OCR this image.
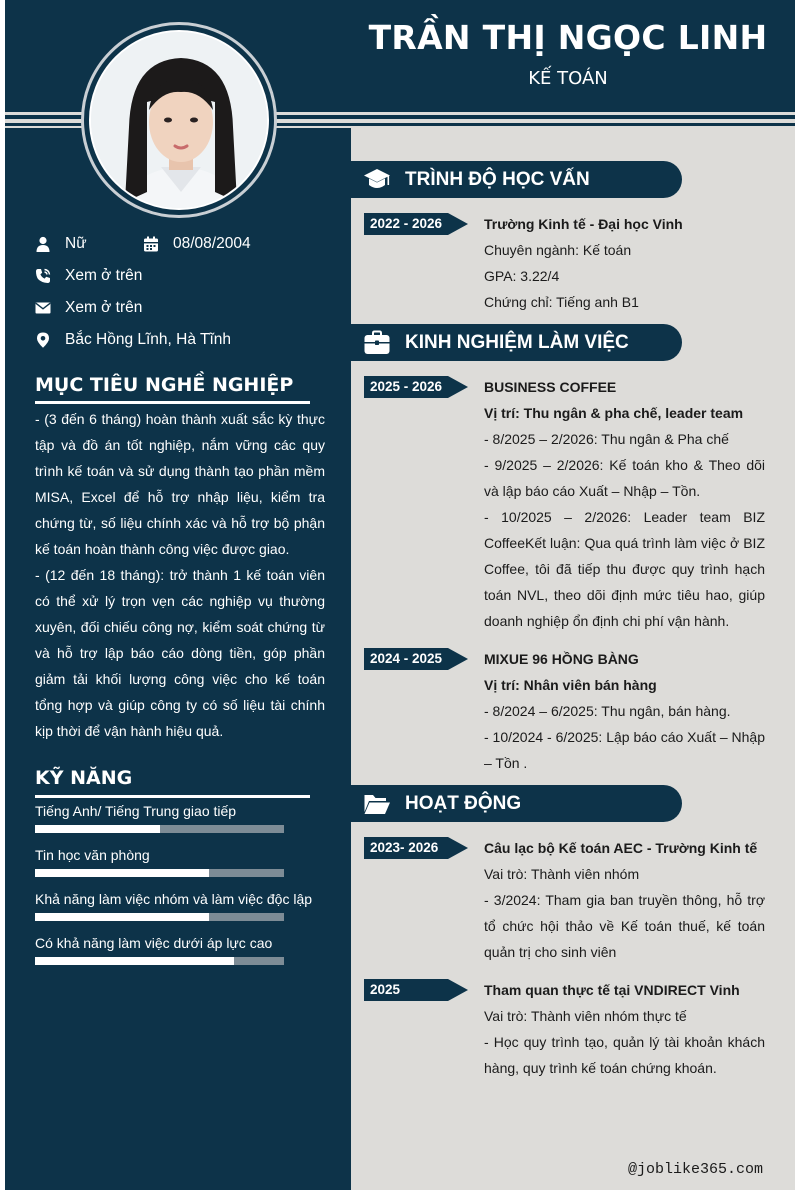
TRẦN THỊ NGỌC LINH
KẾ TOÁN
Nữ	08/08/2004
Xem ở trên
Xem ở trên
Bắc Hồng Lĩnh, Hà Tĩnh
MỤC TIÊU NGHỀ NGHIỆP

- (3 đến 6 tháng) hoàn thành xuất sắc kỳ thực tập và đồ án tốt nghiệp, nắm vững các quy trình kế toán và sử dụng thành tạo phần mềm MISA, Excel để hỗ trợ nhập liệu, kiểm tra chứng từ, số liệu chính xác và hỗ trợ bộ phận kế toán hoàn thành công việc được giao.

- (12 đến 18 tháng): trở thành 1 kế toán viên có thể xử lý trọn vẹn các nghiệp vụ thường xuyên, đối chiếu công nợ, kiểm soát chứng từ và hỗ trợ lập báo cáo dòng tiền, góp phần giảm tải khối lượng công việc cho kế toán tổng hợp và giúp công ty có số liệu tài chính kịp thời để vận hành hiệu quả.

KỸ NĂNG
Tiếng Anh/ Tiếng Trung giao tiếp
Tin học văn phòng
Khả năng làm việc nhóm và làm việc độc lập
Có khả năng làm việc dưới áp lực cao
TRÌNH ĐỘ HỌC VẤN
2022 - 2026	Trường Kinh tế - Đại học Vinh
Chuyên ngành: Kế toán
GPA: 3.22/4
Chứng chỉ: Tiếng anh B1
KINH NGHIỆM LÀM VIỆC
2025 - 2026	BUSINESS COFFEE
Vị trí: Thu ngân & pha chế, leader team
- 8/2025 – 2/2026: Thu ngân & Pha chế
- 9/2025 – 2/2026: Kế toán kho & Theo dõi và lập báo cáo Xuất – Nhập – Tồn.
- 10/2025 – 2/2026: Leader team BIZ CoffeeKết luận: Qua quá trình làm việc ở BIZ Coffee, tôi đã tiếp thu được quy trình hạch toán NVL, theo dõi định mức tiêu hao, giúp doanh nghiệp ổn định chi phí vận hành.
2024 - 2025	MIXUE 96 HỒNG BÀNG
Vị trí: Nhân viên bán hàng
- 8/2024 – 6/2025: Thu ngân, bán hàng.
- 10/2024 - 6/2025: Lập báo cáo Xuất – Nhập – Tồn .
HOẠT ĐỘNG
2023- 2026	Câu lạc bộ Kế toán AEC - Trường Kinh tế
Vai trò: Thành viên nhóm
- 3/2024: Tham gia ban truyền thông, hỗ trợ tổ chức hội thảo về Kế toán thuế, kế toán quản trị cho sinh viên
2025	Tham quan thực tế tại VNDIRECT Vinh
Vai trò: Thành viên nhóm thực tế
- Học quy trình tạo, quản lý tài khoản khách hàng, quy trình kế toán chứng khoán.
@joblike365.com
